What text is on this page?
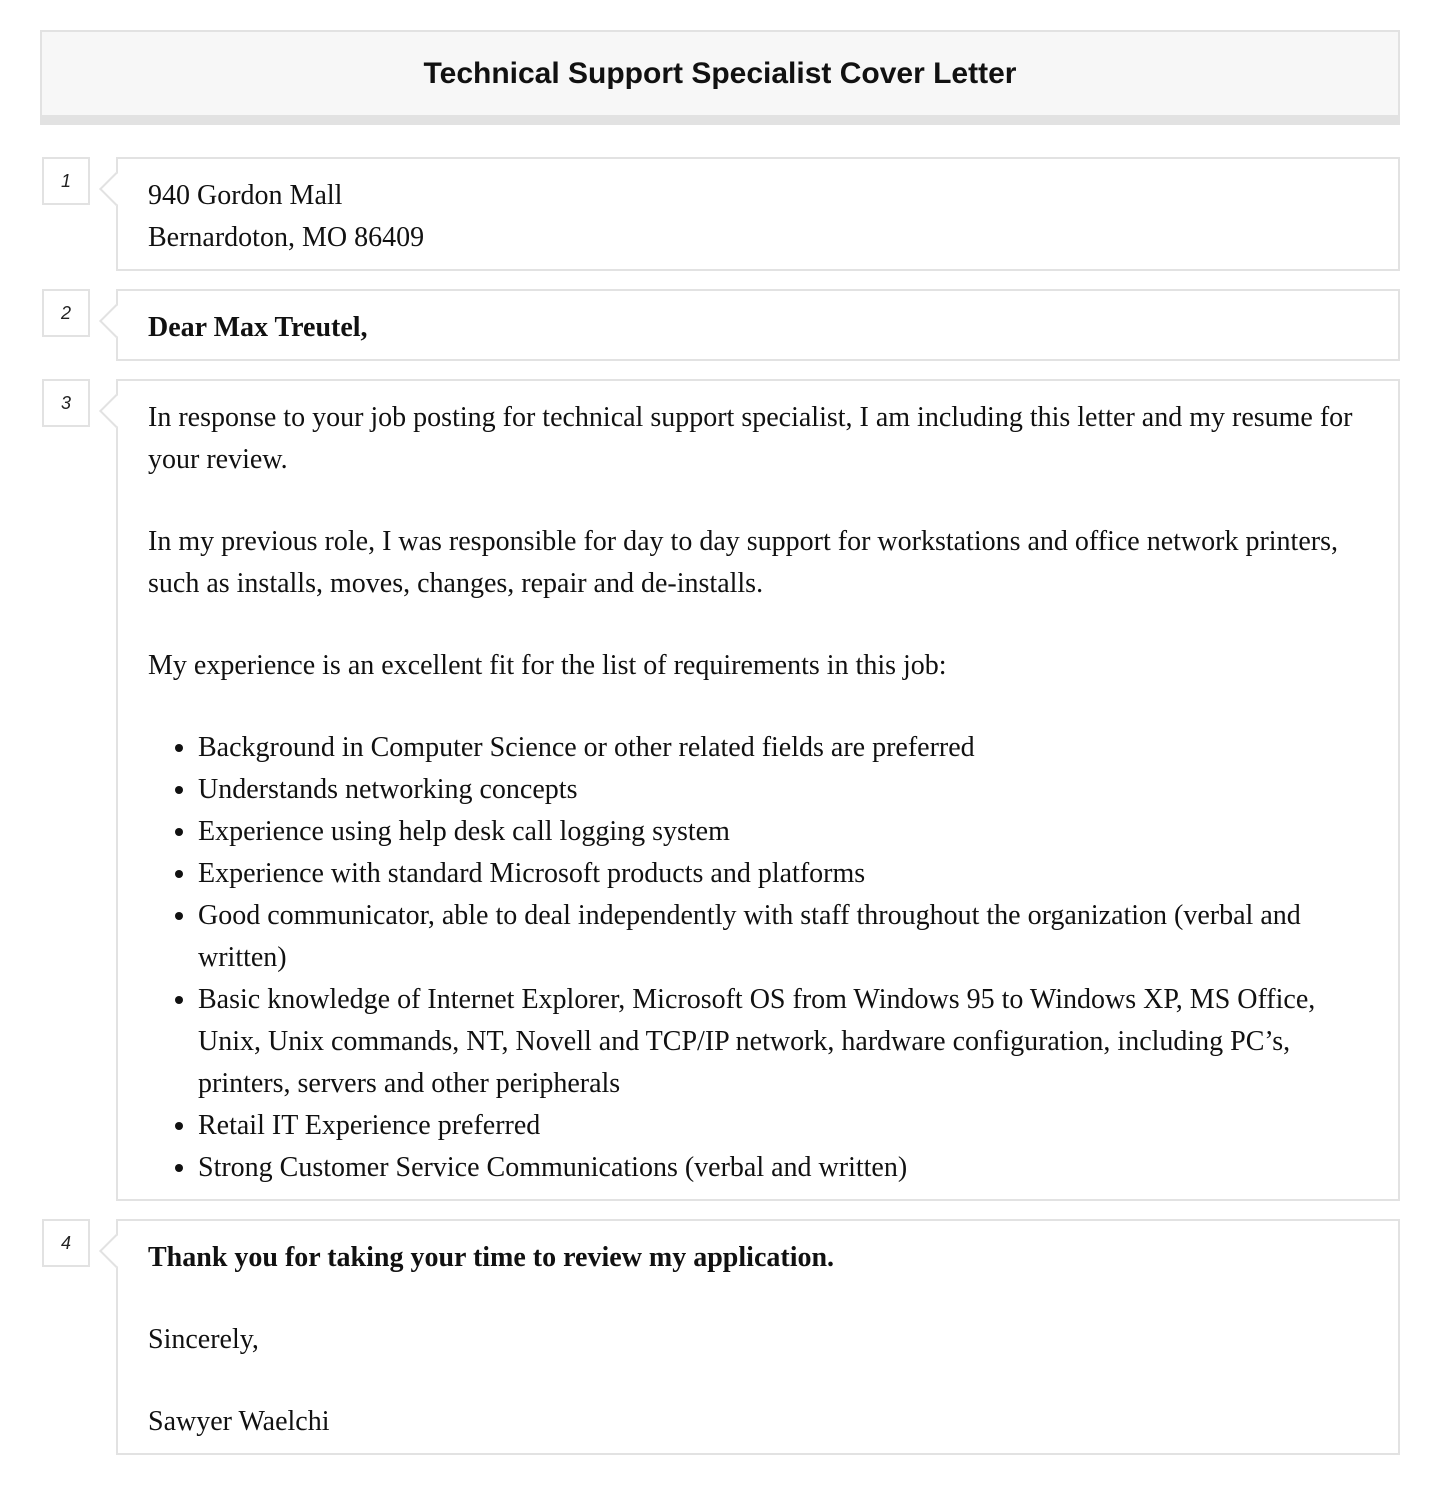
Technical Support Specialist Cover Letter
1	940 Gordon Mall

Bernardoton, MO 86409

2	Dear Max Treutel,

3	In response to your job posting for technical support specialist, I am including this letter and my resume for your review.

In my previous role, I was responsible for day to day support for workstations and office network printers, such as installs, moves, changes, repair and de-installs.

My experience is an excellent fit for the list of requirements in this job:

• Background in Computer Science or other related fields are preferred
• Understands networking concepts
• Experience using help desk call logging system
• Experience with standard Microsoft products and platforms
• Good communicator, able to deal independently with staff throughout the organization (verbal and written)
• Basic knowledge of Internet Explorer, Microsoft OS from Windows 95 to Windows XP, MS Office, Unix, Unix commands, NT, Novell and TCP/IP network, hardware configuration, including PC’s, printers, servers and other peripherals
• Retail IT Experience preferred
• Strong Customer Service Communications (verbal and written)
4	Thank you for taking your time to review my application.

Sincerely,

Sawyer Waelchi
